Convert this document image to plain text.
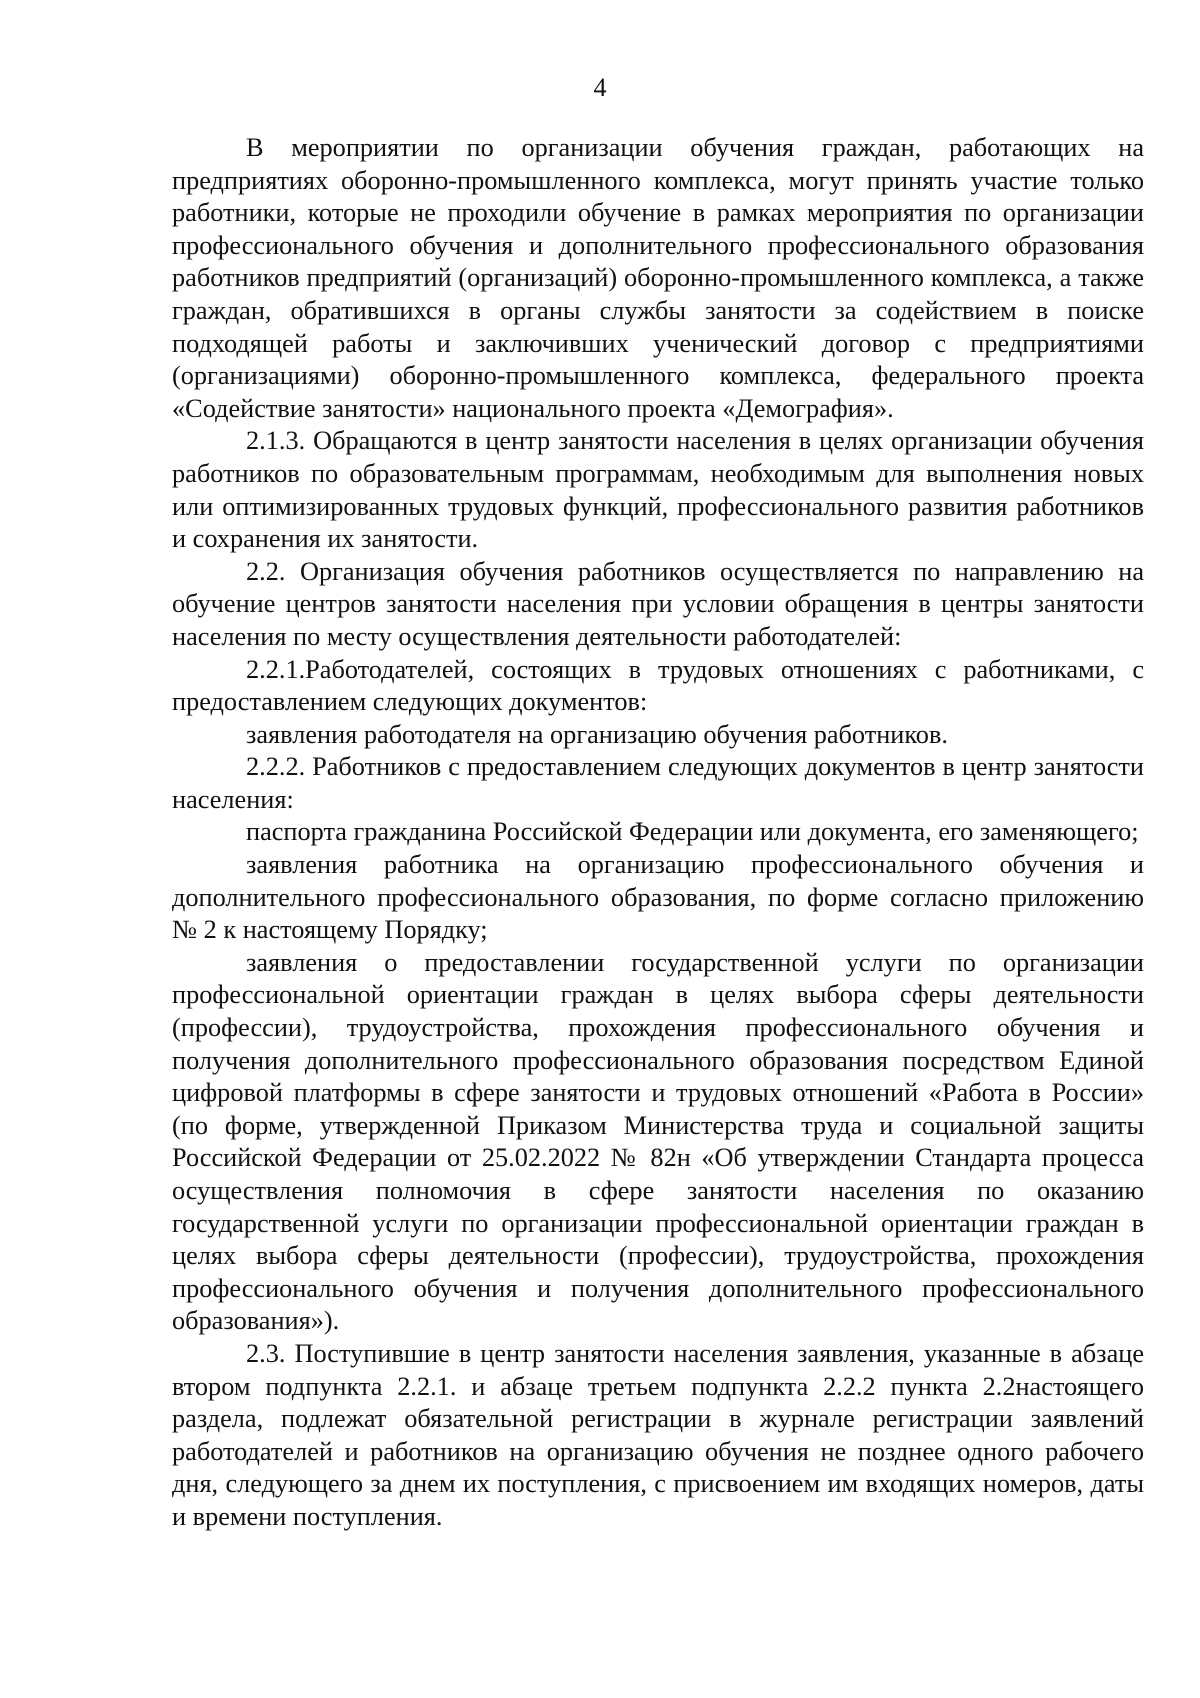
4

В мероприятии по организации обучения граждан, работающих на предприятиях оборонно-промышленного комплекса, могут принять участие только работники, которые не проходили обучение в рамках мероприятия по организации профессионального обучения и дополнительного профессионального образования работников предприятий (организаций) оборонно-промышленного комплекса, а также граждан, обратившихся в органы службы занятости за содействием в поиске подходящей работы и заключивших ученический договор с предприятиями (организациями) оборонно-промышленного комплекса, федерального проекта «Содействие занятости» национального проекта «Демография».

2.1.3. Обращаются в центр занятости населения в целях организации обучения работников по образовательным программам, необходимым для выполнения новых или оптимизированных трудовых функций, профессионального развития работников и сохранения их занятости.

2.2. Организация обучения работников осуществляется по направлению на обучение центров занятости населения при условии обращения в центры занятости населения по месту осуществления деятельности работодателей:

2.2.1.Работодателей, состоящих в трудовых отношениях с работниками, с предоставлением следующих документов:

заявления работодателя на организацию обучения работников.

2.2.2. Работников с предоставлением следующих документов в центр занятости населения:

паспорта гражданина Российской Федерации или документа, его заменяющего;

заявления работника на организацию профессионального обучения и дополнительного профессионального образования, по форме согласно приложению № 2 к настоящему Порядку;

заявления о предоставлении государственной услуги по организации профессиональной ориентации граждан в целях выбора сферы деятельности (профессии), трудоустройства, прохождения профессионального обучения и получения дополнительного профессионального образования посредством Единой цифровой платформы в сфере занятости и трудовых отношений «Работа в России» (по форме, утвержденной Приказом Министерства труда и социальной защиты Российской Федерации от 25.02.2022 № 82н «Об утверждении Стандарта процесса осуществления полномочия в сфере занятости населения по оказанию государственной услуги по организации профессиональной ориентации граждан в целях выбора сферы деятельности (профессии), трудоустройства, прохождения профессионального обучения и получения дополнительного профессионального образования»).

2.3. Поступившие в центр занятости населения заявления, указанные в абзаце втором подпункта 2.2.1. и абзаце третьем подпункта 2.2.2 пункта 2.2настоящего раздела, подлежат обязательной регистрации в журнале регистрации заявлений работодателей и работников на организацию обучения не позднее одного рабочего дня, следующего за днем их поступления, с присвоением им входящих номеров, даты и времени поступления.
